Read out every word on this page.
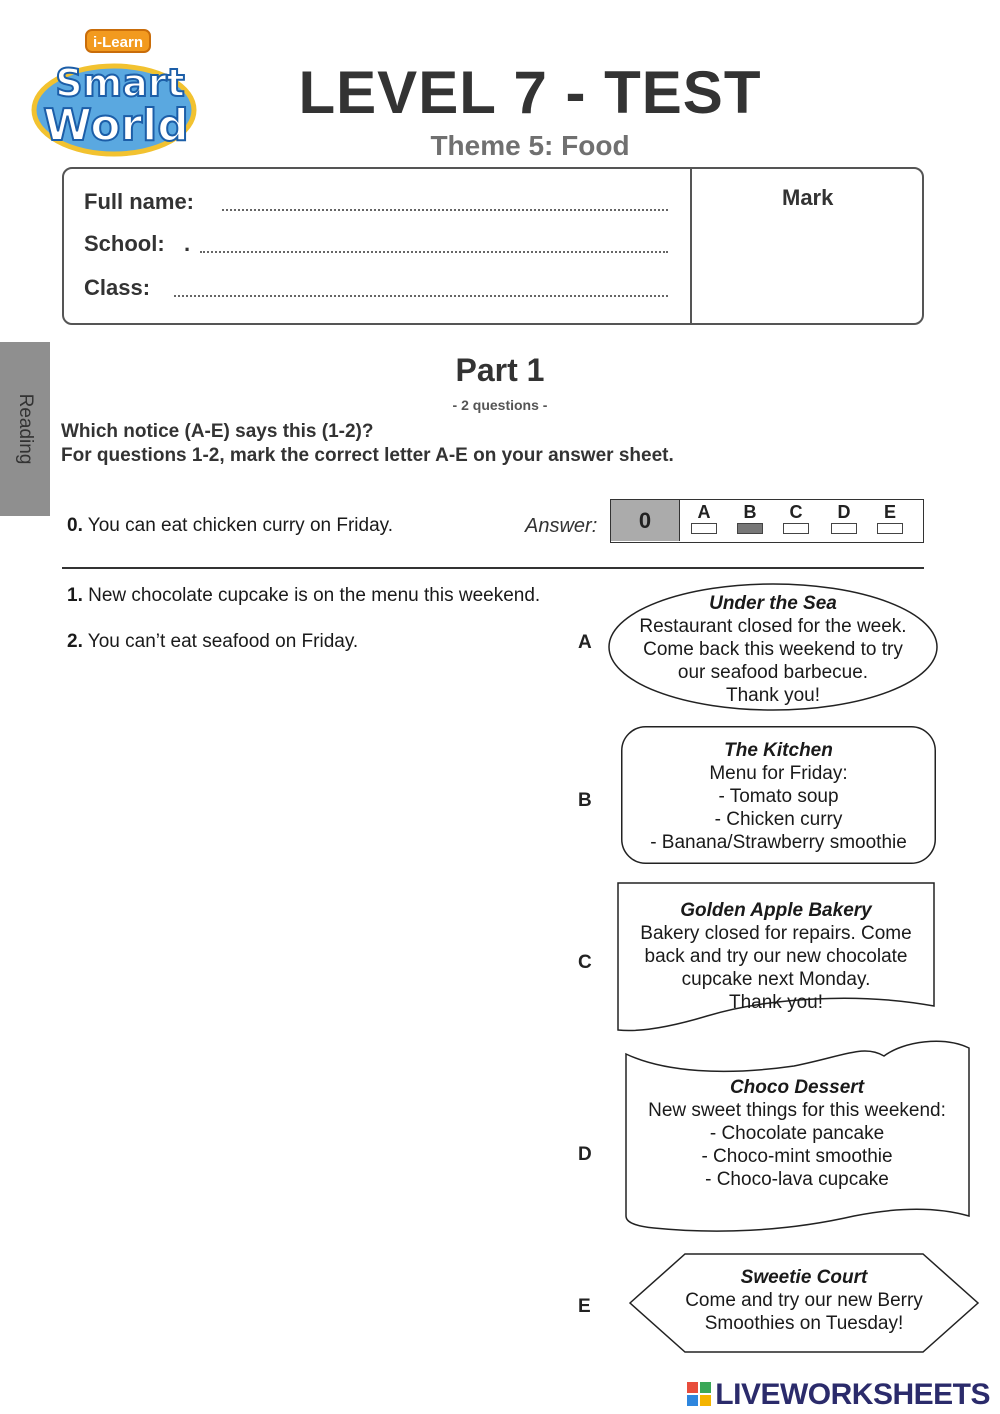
i-Learn
Smart
World	LEVEL 7 - TEST
Theme 5: Food
Full name:
School: .
Class:
Mark
Reading
Part 1
- 2 questions -
Which notice (A-E) says this (1-2)?
For questions 1-2, mark the correct letter A-E on your answer sheet.
0. You can eat chicken curry on Friday.	Answer:	0	A	B	C	D	E
1. New chocolate cupcake is on the menu this weekend.
2. You can’t eat seafood on Friday.	A
B
C
D
E
Under the Sea
Restaurant closed for the week.
Come back this weekend to try
our seafood barbecue.
Thank you!
The Kitchen
Menu for Friday:
- Tomato soup
- Chicken curry
- Banana/Strawberry smoothie
Golden Apple Bakery
Bakery closed for repairs. Come
back and try our new chocolate
cupcake next Monday.
Thank you!
Choco Dessert
New sweet things for this weekend:
- Chocolate pancake
- Choco-mint smoothie
- Choco-lava cupcake
Sweetie Court
Come and try our new Berry
Smoothies on Tuesday!
LIVEWORKSHEETS
